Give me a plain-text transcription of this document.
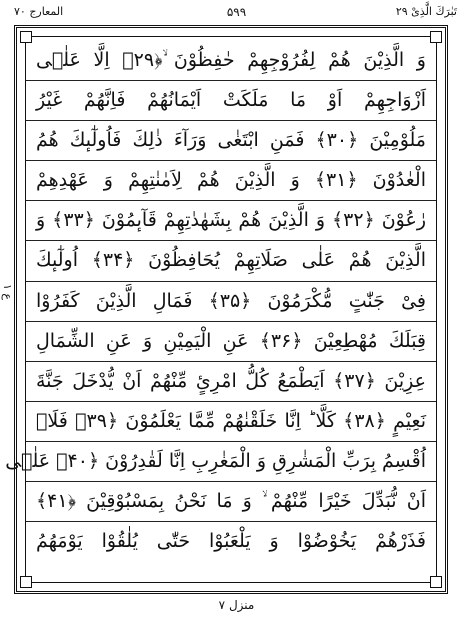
تَبٰرَكَ الَّذِیْ ۲۹
۵۹۹
المعارج ۷۰
ع ۱
وَ الَّذِیْنَ هُمْ لِفُرُوْجِهِمْ حٰفِظُوْنَ ۙ﴿۲۹﴾ اِلَّا عَلٰۤى
اَزْوَاجِهِمْ اَوْ مَا مَلَكَتْ اَیْمَانُهُمْ فَاِنَّهُمْ غَیْرُ
مَلُوْمِیْنَ ﴿۳۰﴾ فَمَنِ ابْتَغٰى وَرَآءَ ذٰلِكَ فَاُولٰٓىٕكَ هُمُ
الْعٰدُوْنَ ﴿۳۱﴾ وَ الَّذِیْنَ هُمْ لِاَمٰنٰتِهِمْ وَ عَهْدِهِمْ
رٰعُوْنَ ﴿۳۲﴾ وَ الَّذِیْنَ هُمْ بِشَهٰدٰتِهِمْ قَآىٕمُوْنَ ﴿۳۳﴾ وَ
الَّذِیْنَ هُمْ عَلٰى صَلَاتِهِمْ یُحَافِظُوْنَ ﴿۳۴﴾ اُولٰٓىٕكَ
فِیْ جَنّٰتٍ مُّكْرَمُوْنَ ﴿۳۵﴾ فَمَالِ الَّذِیْنَ كَفَرُوْا
قِبَلَكَ مُهْطِعِیْنَ ﴿۳۶﴾ عَنِ الْیَمِیْنِ وَ عَنِ الشِّمَالِ
عِزِیْنَ ﴿۳۷﴾ اَیَطْمَعُ كُلُّ امْرِئٍ مِّنْهُمْ اَنْ یُّدْخَلَ جَنَّةَ
نَعِیْمٍ ﴿۳۸﴾ كَلَّا ؕ اِنَّا خَلَقْنٰهُمْ مِّمَّا یَعْلَمُوْنَ ﴿۳۹﴾ فَلَاۤ
اُقْسِمُ بِرَبِّ الْمَشٰرِقِ وَ الْمَغٰرِبِ اِنَّا لَقٰدِرُوْنَ ﴿۴۰﴾ عَلٰۤى
اَنْ نُّبَدِّلَ خَیْرًا مِّنْهُمْ ۙ وَ مَا نَحْنُ بِمَسْبُوْقِیْنَ ﴿۴۱﴾
فَذَرْهُمْ یَخُوْضُوْا وَ یَلْعَبُوْا حَتّٰى یُلٰقُوْا یَوْمَهُمُ
منزل ۷
